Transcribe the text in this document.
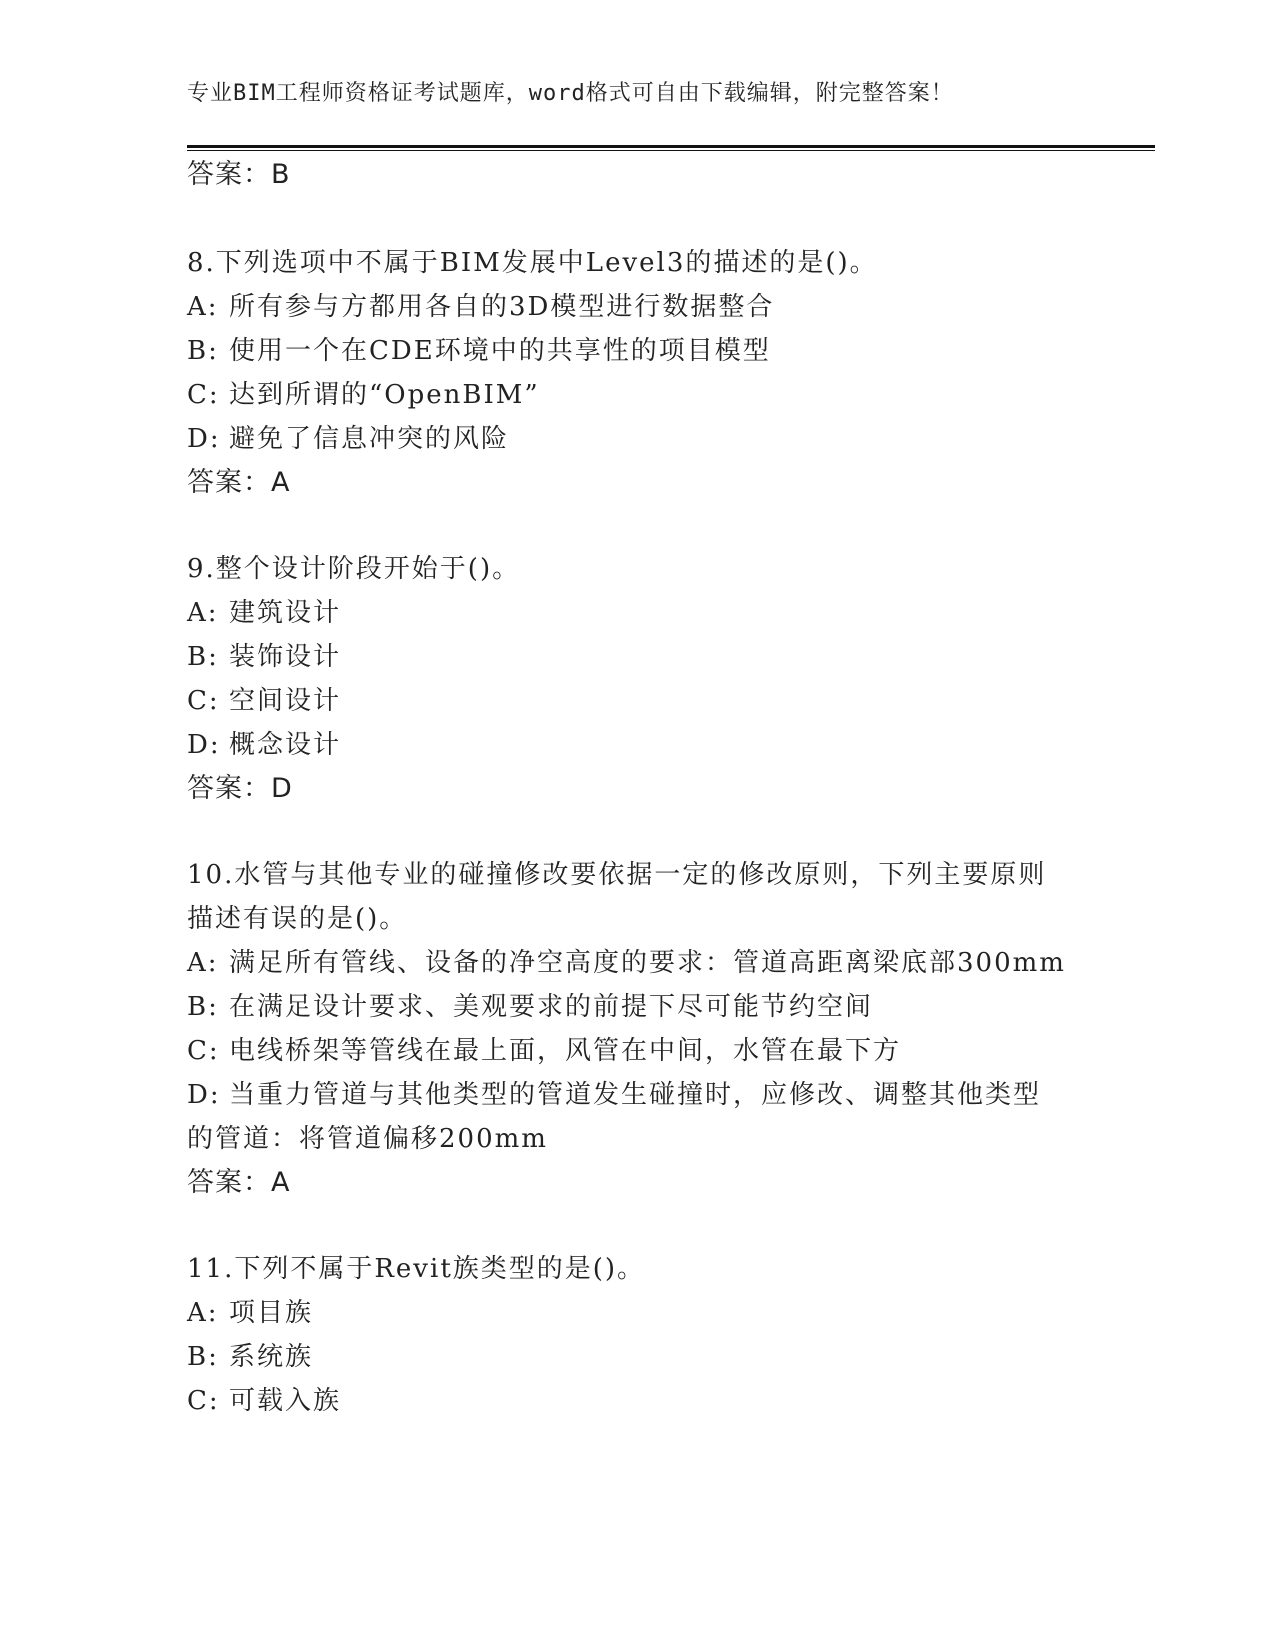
专业BIM工程师资格证考试题库，word格式可自由下载编辑，附完整答案！
答案：B
8.下列选项中不属于BIM发展中Level3的描述的是()。
A: 所有参与方都用各自的3D模型进行数据整合
B: 使用一个在CDE环境中的共享性的项目模型
C: 达到所谓的“OpenBIM”
D: 避免了信息冲突的风险
答案：A
9.整个设计阶段开始于()。
A: 建筑设计
B: 装饰设计
C: 空间设计
D: 概念设计
答案：D
10.水管与其他专业的碰撞修改要依据一定的修改原则，下列主要原则
描述有误的是()。
A: 满足所有管线、设备的净空高度的要求：管道高距离梁底部300mm
B: 在满足设计要求、美观要求的前提下尽可能节约空间
C: 电线桥架等管线在最上面，风管在中间，水管在最下方
D: 当重力管道与其他类型的管道发生碰撞时，应修改、调整其他类型
的管道：将管道偏移200mm
答案：A
11.下列不属于Revit族类型的是()。
A: 项目族
B: 系统族
C: 可载入族
